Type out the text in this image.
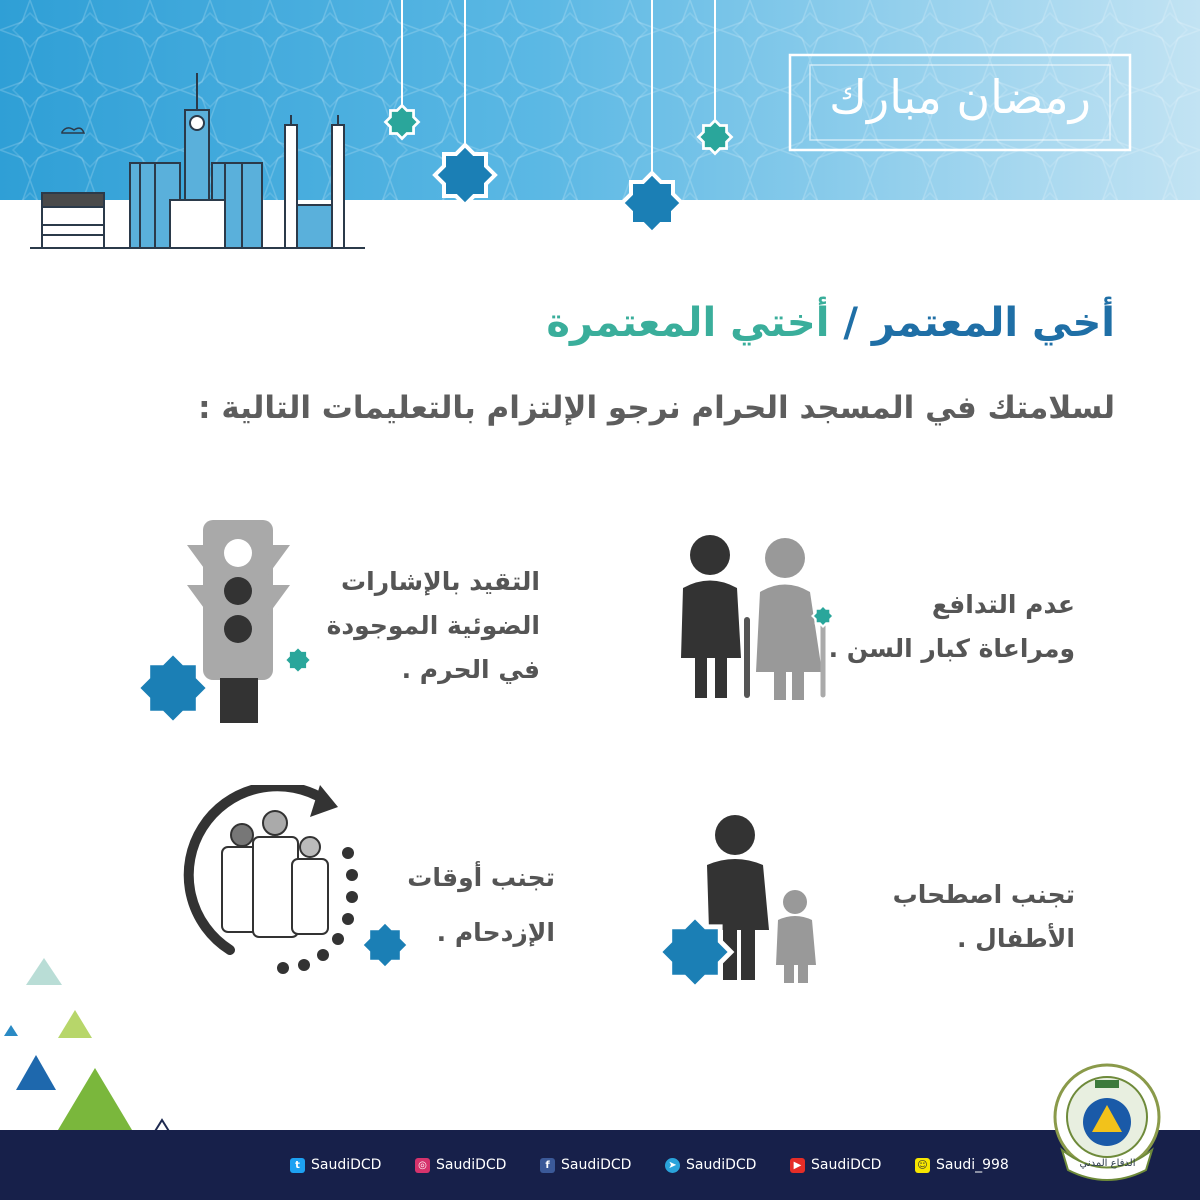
رمضان مبارك
أخي المعتمر / أختي المعتمرة
لسلامتك في المسجد الحرام نرجو الإلتزام بالتعليمات التالية :
عدم التدافع
ومراعاة كبار السن .
التقيد بالإشارات
الضوئية الموجودة
في الحرم .
تجنب اصطحاب
الأطفال .
تجنب أوقات
الإزدحام .
t SaudiDCD	◎ SaudiDCD	f SaudiDCD	➤ SaudiDCD	▶ SaudiDCD	☺ Saudi_998	الدفاع المدني
